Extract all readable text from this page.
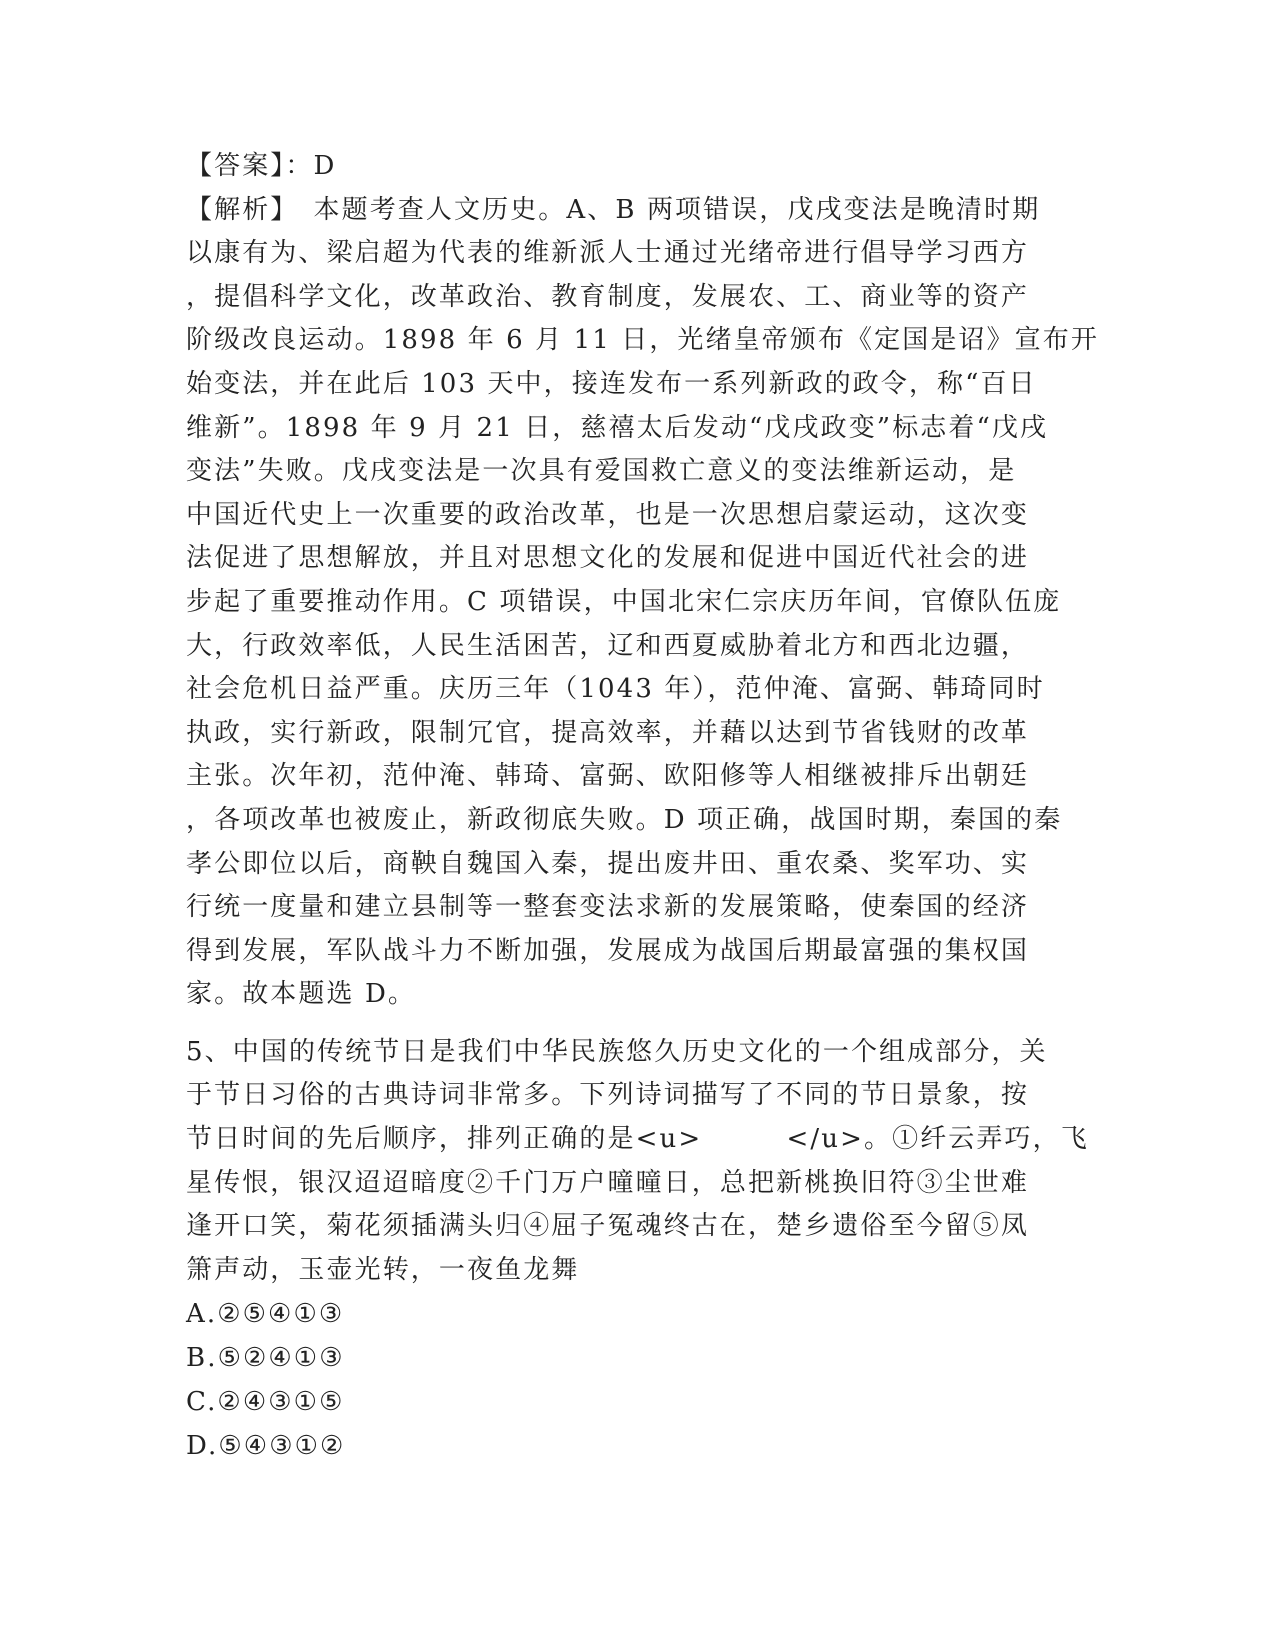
【答案】：D
【解析】　本题考查人文历史。A、B 两项错误，戊戌变法是晚清时期
以康有为、梁启超为代表的维新派人士通过光绪帝进行倡导学习西方
，提倡科学文化，改革政治、教育制度，发展农、工、商业等的资产
阶级改良运动。1898 年 6 月 11 日，光绪皇帝颁布《定国是诏》宣布开
始变法，并在此后 103 天中，接连发布一系列新政的政令，称“百日
维新”。1898 年 9 月 21 日，慈禧太后发动“戊戌政变”标志着“戊戌
变法”失败。戊戌变法是一次具有爱国救亡意义的变法维新运动，是
中国近代史上一次重要的政治改革，也是一次思想启蒙运动，这次变
法促进了思想解放，并且对思想文化的发展和促进中国近代社会的进
步起了重要推动作用。C 项错误，中国北宋仁宗庆历年间，官僚队伍庞
大，行政效率低，人民生活困苦，辽和西夏威胁着北方和西北边疆，
社会危机日益严重。庆历三年（1043 年），范仲淹、富弼、韩琦同时
执政，实行新政，限制冗官，提高效率，并藉以达到节省钱财的改革
主张。次年初，范仲淹、韩琦、富弼、欧阳修等人相继被排斥出朝廷
，各项改革也被废止，新政彻底失败。D 项正确，战国时期，秦国的秦
孝公即位以后，商鞅自魏国入秦，提出废井田、重农桑、奖军功、实
行统一度量和建立县制等一整套变法求新的发展策略，使秦国的经济
得到发展，军队战斗力不断加强，发展成为战国后期最富强的集权国
家。故本题选 D。
5、中国的传统节日是我们中华民族悠久历史文化的一个组成部分，关
于节日习俗的古典诗词非常多。下列诗词描写了不同的节日景象，按
节日时间的先后顺序，排列正确的是<u>　　　</u>。①纤云弄巧，飞
星传恨，银汉迢迢暗度②千门万户曈曈日，总把新桃换旧符③尘世难
逢开口笑，菊花须插满头归④屈子冤魂终古在，楚乡遗俗至今留⑤凤
箫声动，玉壶光转，一夜鱼龙舞
A.②⑤④①③
B.⑤②④①③
C.②④③①⑤
D.⑤④③①②
